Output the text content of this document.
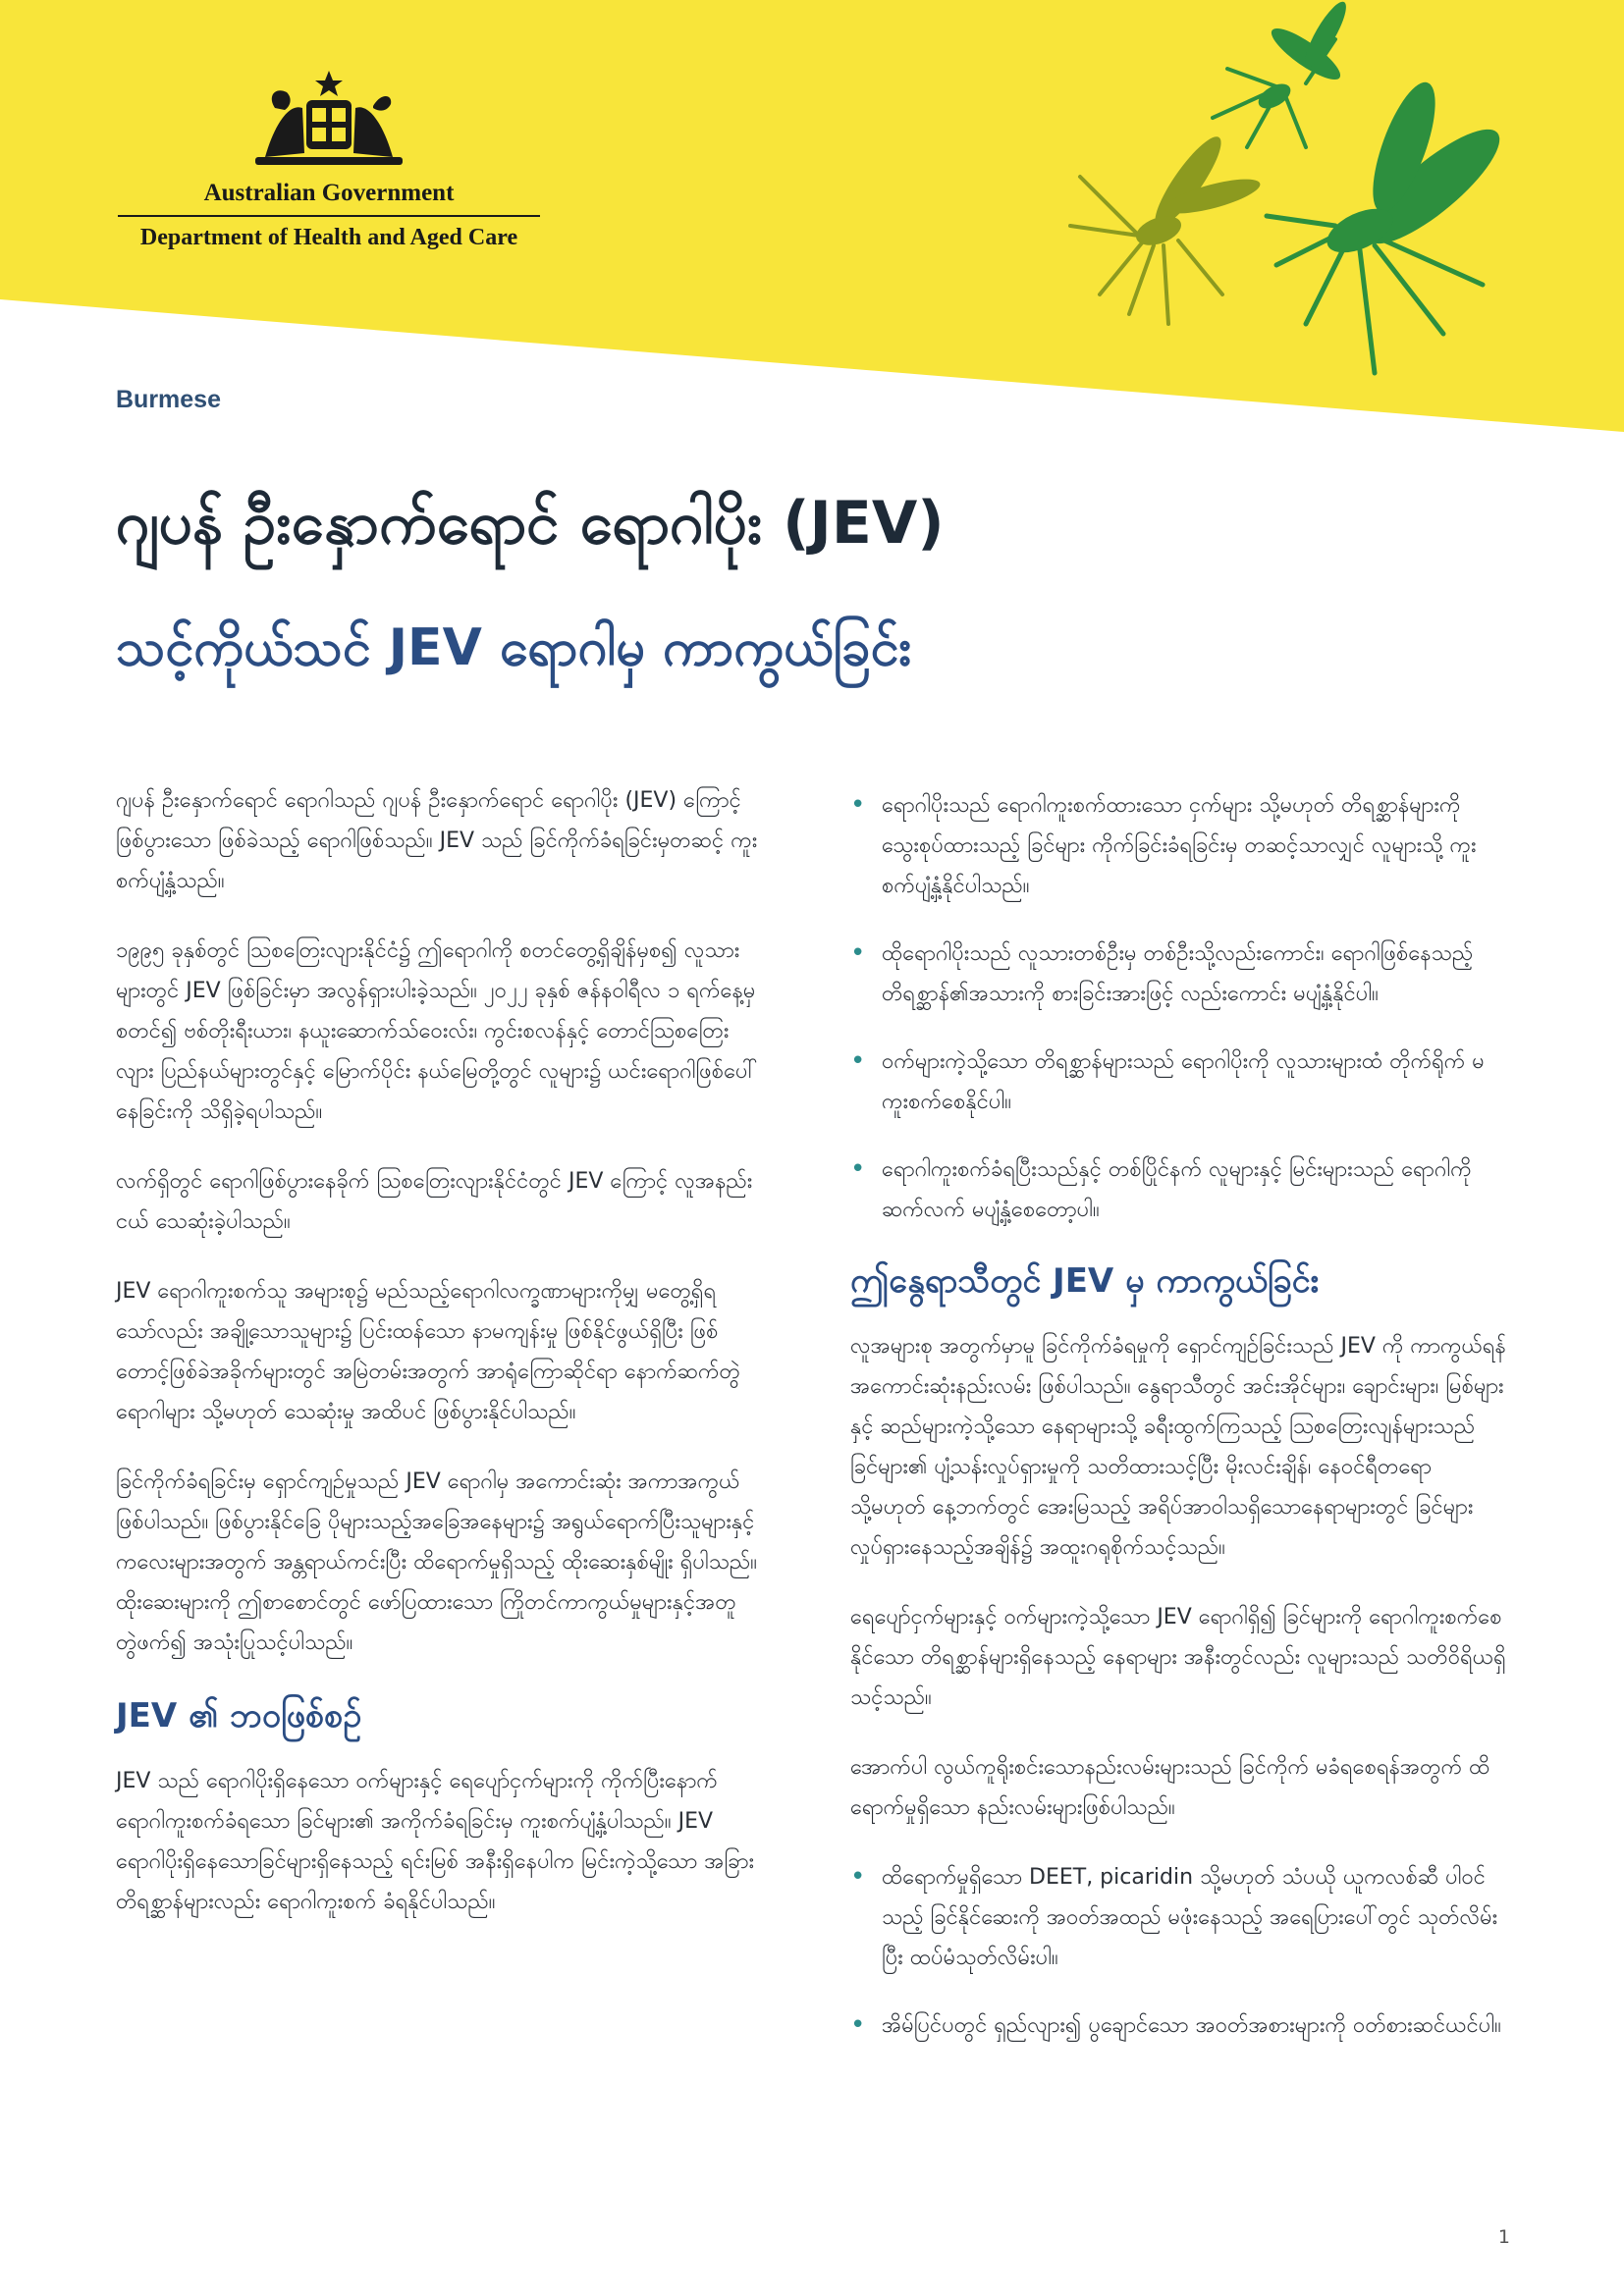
Australian Government
Department of Health and Aged Care
Burmese
ဂျပန် ဦးနှောက်ရောင် ရောဂါပိုး (JEV)
သင့်ကိုယ်သင် JEV ရောဂါမှ ကာကွယ်ခြင်း

ဂျပန် ဦးနှောက်ရောင် ရောဂါသည် ဂျပန် ဦးနှောက်ရောင် ရောဂါပိုး (JEV) ကြောင့် ဖြစ်ပွားသော ဖြစ်ခဲသည့် ရောဂါဖြစ်သည်။ JEV သည် ခြင်ကိုက်ခံရခြင်းမှတဆင့် ကူးစက်ပျံ့နှံ့သည်။

၁၉၉၅ ခုနှစ်တွင် ဩစတြေးလျားနိုင်ငံ၌ ဤရောဂါကို စတင်တွေ့ရှိချိန်မှစ၍ လူသားများတွင် JEV ဖြစ်ခြင်းမှာ အလွန်ရှားပါးခဲ့သည်။ ၂၀၂၂ ခုနှစ် ဇန်နဝါရီလ ၁ ရက်နေ့မှစတင်၍ ဗစ်တိုးရီးယား၊ နယူးဆောက်သ်ဝေးလ်း၊ ကွင်းစလန်နှင့် တောင်ဩစတြေးလျား ပြည်နယ်များတွင်နှင့် မြောက်ပိုင်း နယ်မြေတို့တွင် လူများ၌ ယင်းရောဂါဖြစ်ပေါ်နေခြင်းကို သိရှိခဲ့ရပါသည်။

လက်ရှိတွင် ရောဂါဖြစ်ပွားနေခိုက် ဩစတြေးလျားနိုင်ငံတွင် JEV ကြောင့် လူအနည်းငယ် သေဆုံးခဲ့ပါသည်။

JEV ရောဂါကူးစက်သူ အများစု၌ မည်သည့်ရောဂါလက္ခဏာများကိုမျှ မတွေ့ရှိရသော်လည်း အချို့သောသူများ၌ ပြင်းထန်သော နာမကျန်းမှု ဖြစ်နိုင်ဖွယ်ရှိပြီး ဖြစ်တောင့်ဖြစ်ခဲအခိုက်များတွင် အမြဲတမ်းအတွက် အာရုံကြောဆိုင်ရာ နောက်ဆက်တွဲ ရောဂါများ သို့မဟုတ် သေဆုံးမှု အထိပင် ဖြစ်ပွားနိုင်ပါသည်။

ခြင်ကိုက်ခံရခြင်းမှ ရှောင်ကျဉ်မှုသည် JEV ရောဂါမှ အကောင်းဆုံး အကာအကွယ် ဖြစ်ပါသည်။ ဖြစ်ပွားနိုင်ခြေ ပိုများသည့်အခြေအနေများ၌ အရွယ်ရောက်ပြီးသူများနှင့် ကလေးများအတွက် အန္တရာယ်ကင်းပြီး ထိရောက်မှုရှိသည့် ထိုးဆေးနှစ်မျိုး ရှိပါသည်။ ထိုးဆေးများကို ဤစာစောင်တွင် ဖော်ပြထားသော ကြိုတင်ကာကွယ်မှုများနှင့်အတူ တွဲဖက်၍ အသုံးပြုသင့်ပါသည်။

JEV ၏ ဘဝဖြစ်စဉ်

JEV သည် ရောဂါပိုးရှိနေသော ဝက်များနှင့် ရေပျော်ငှက်များကို ကိုက်ပြီးနောက် ရောဂါကူးစက်ခံရသော ခြင်များ၏ အကိုက်ခံရခြင်းမှ ကူးစက်ပျံ့နှံ့ပါသည်။ JEV ရောဂါပိုးရှိနေသောခြင်များရှိနေသည့် ရင်းမြစ် အနီးရှိနေပါက မြင်းကဲ့သို့သော အခြားတိရစ္ဆာန်များလည်း ရောဂါကူးစက် ခံရနိုင်ပါသည်။

• ရောဂါပိုးသည် ရောဂါကူးစက်ထားသော ငှက်များ သို့မဟုတ် တိရစ္ဆာန်များကို သွေးစုပ်ထားသည့် ခြင်များ ကိုက်ခြင်းခံရခြင်းမှ တဆင့်သာလျှင် လူများသို့ ကူးစက်ပျံ့နှံ့နိုင်ပါသည်။
• ထိုရောဂါပိုးသည် လူသားတစ်ဦးမှ တစ်ဦးသို့လည်းကောင်း၊ ရောဂါဖြစ်နေသည့် တိရစ္ဆာန်၏အသားကို စားခြင်းအားဖြင့် လည်းကောင်း မပျံ့နှံ့နိုင်ပါ။
• ဝက်များကဲ့သို့သော တိရစ္ဆာန်များသည် ရောဂါပိုးကို လူသားများထံ တိုက်ရိုက် မကူးစက်စေနိုင်ပါ။
• ရောဂါကူးစက်ခံရပြီးသည်နှင့် တစ်ပြိုင်နက် လူများနှင့် မြင်းများသည် ရောဂါကို ဆက်လက် မပျံ့နှံ့စေတော့ပါ။
ဤနွေရာသီတွင် JEV မှ ကာကွယ်ခြင်း

လူအများစု အတွက်မှာမူ ခြင်ကိုက်ခံရမှုကို ရှောင်ကျဉ်ခြင်းသည် JEV ကို ကာကွယ်ရန် အကောင်းဆုံးနည်းလမ်း ဖြစ်ပါသည်။ နွေရာသီတွင် အင်းအိုင်များ၊ ချောင်းများ၊ မြစ်များနှင့် ဆည်များကဲ့သို့သော နေရာများသို့ ခရီးထွက်ကြသည့် ဩစတြေးလျန်များသည် ခြင်များ၏ ပျံ့သန်းလှုပ်ရှားမှုကို သတိထားသင့်ပြီး မိုးလင်းချိန်၊ နေဝင်ရီတရော သို့မဟုတ် နေ့ဘက်တွင် အေးမြသည့် အရိပ်အာဝါသရှိသောနေရာများတွင် ခြင်များ လှုပ်ရှားနေသည့်အချိန်၌ အထူးဂရုစိုက်သင့်သည်။

ရေပျော်ငှက်များနှင့် ဝက်များကဲ့သို့သော JEV ရောဂါရှိ၍ ခြင်များကို ရောဂါကူးစက်စေနိုင်သော တိရစ္ဆာန်များရှိနေသည့် နေရာများ အနီးတွင်လည်း လူများသည် သတိဝိရိယရှိသင့်သည်။

အောက်ပါ လွယ်ကူရိုးစင်းသောနည်းလမ်းများသည် ခြင်ကိုက် မခံရစေရန်အတွက် ထိရောက်မှုရှိသော နည်းလမ်းများဖြစ်ပါသည်။

• ထိရောက်မှုရှိသော DEET, picaridin သို့မဟုတ် သံပယို ယူကလစ်ဆီ ပါဝင်သည့် ခြင်နိုင်ဆေးကို အဝတ်အထည် မဖုံးနေသည့် အရေပြားပေါ်တွင် သုတ်လိမ်းပြီး ထပ်မံသုတ်လိမ်းပါ။
• အိမ်ပြင်ပတွင် ရှည်လျား၍ ပွချောင်သော အဝတ်အစားများကို ဝတ်စားဆင်ယင်ပါ။
1
